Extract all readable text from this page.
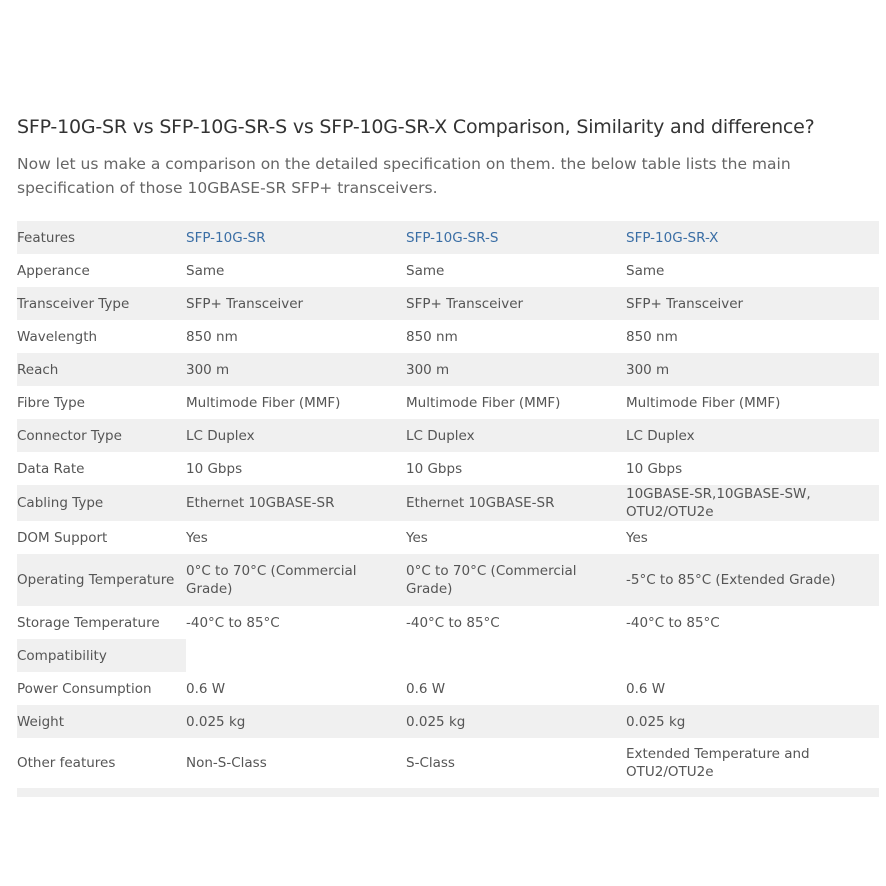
SFP-10G-SR vs SFP-10G-SR-S vs SFP-10G-SR-X Comparison, Similarity and difference?

Now let us make a comparison on the detailed specification on them. the below table lists the main specification of those 10GBASE-SR SFP+ transceivers.

Features	SFP-10G-SR	SFP-10G-SR-S	SFP-10G-SR-X
Apperance	Same	Same	Same
Transceiver Type	SFP+ Transceiver	SFP+ Transceiver	SFP+ Transceiver
Wavelength	850 nm	850 nm	850 nm
Reach	300 m	300 m	300 m
Fibre Type	Multimode Fiber (MMF)	Multimode Fiber (MMF)	Multimode Fiber (MMF)
Connector Type	LC Duplex	LC Duplex	LC Duplex
Data Rate	10 Gbps	10 Gbps	10 Gbps
Cabling Type	Ethernet 10GBASE-SR	Ethernet 10GBASE-SR	10GBASE-SR,10GBASE-SW, OTU2/OTU2e
DOM Support	Yes	Yes	Yes
Operating Temperature	0°C to 70°C (Commercial Grade)	0°C to 70°C (Commercial Grade)	-5°C to 85°C (Extended Grade)
Storage Temperature	-40°C to 85°C	-40°C to 85°C	-40°C to 85°C
Compatibility			
Power Consumption	0.6 W	0.6 W	0.6 W
Weight	0.025 kg	0.025 kg	0.025 kg
Other features	Non-S-Class	S-Class	Extended Temperature and OTU2/OTU2e
